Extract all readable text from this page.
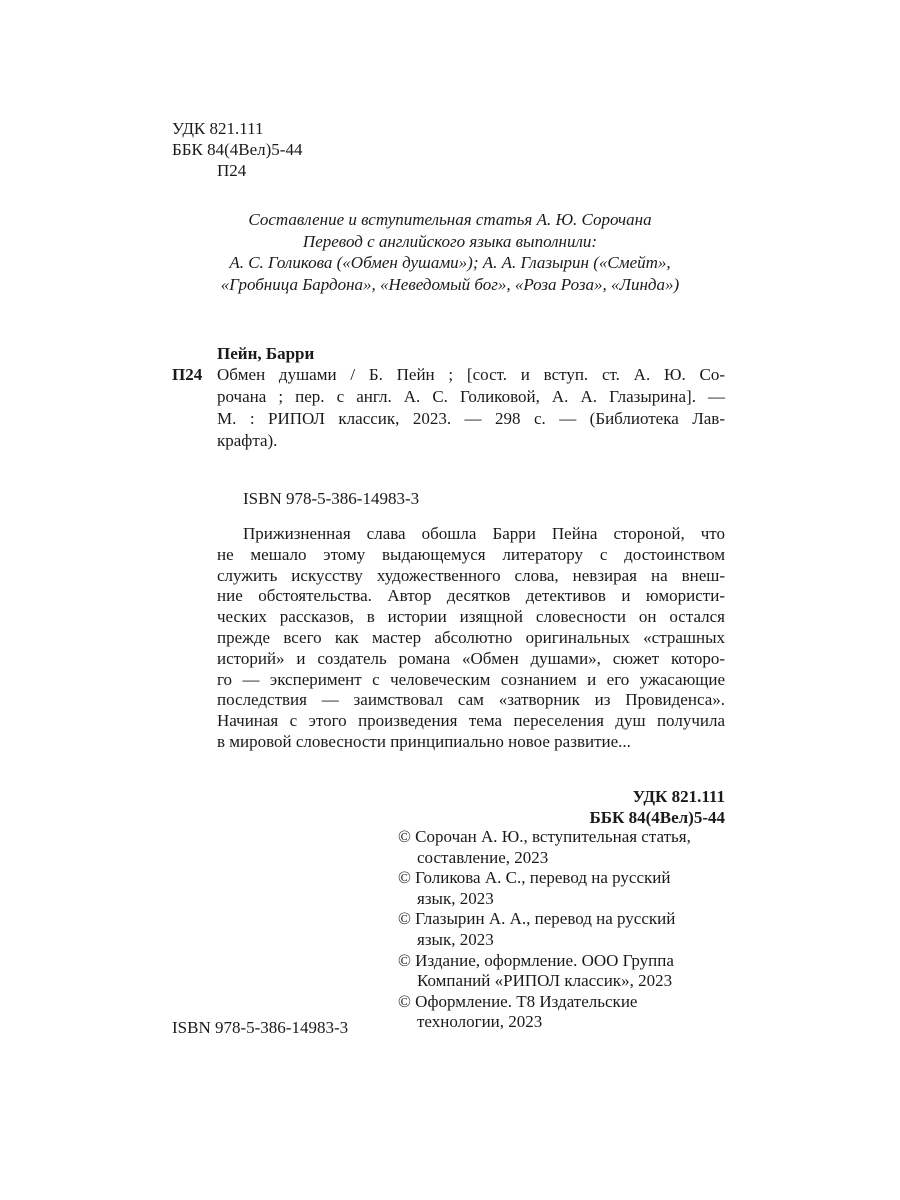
УДК 821.111
ББК 84(4Вел)5-44
П24
Составление и вступительная статья А. Ю. Сорочана
Перевод с английского языка выполнили:
А. С. Голикова («Обмен душами»); А. А. Глазырин («Смейт»,
«Гробница Бардона», «Неведомый бог», «Роза Роза», «Линда»)
Пейн, Барри
П24 Обмен душами / Б. Пейн ; [сост. и вступ. ст. А. Ю. Со-
рочана ; пер. с англ. А. С. Голиковой, А. А. Глазырина]. —
М. : РИПОЛ классик, 2023. — 298 с. — (Библиотека Лав-
крафта).
ISBN 978-5-386-14983-3
Прижизненная слава обошла Барри Пейна стороной, что
не мешало этому выдающемуся литератору с достоинством
служить искусству художественного слова, невзирая на внеш-
ние обстоятельства. Автор десятков детективов и юмористи-
ческих рассказов, в истории изящной словесности он остался
прежде всего как мастер абсолютно оригинальных «страшных
историй» и создатель романа «Обмен душами», сюжет которо-
го — эксперимент с человеческим сознанием и его ужасающие
последствия — заимствовал сам «затворник из Провиденса».
Начиная с этого произведения тема переселения душ получила
в мировой словесности принципиально новое развитие...
УДК 821.111
ББК 84(4Вел)5-44
© Сорочан А. Ю., вступительная статья,
составление, 2023
© Голикова А. С., перевод на русский
язык, 2023
© Глазырин А. А., перевод на русский
язык, 2023
© Издание, оформление. ООО Группа
Компаний «РИПОЛ классик», 2023
© Оформление. Т8 Издательские
технологии, 2023
ISBN 978-5-386-14983-3
